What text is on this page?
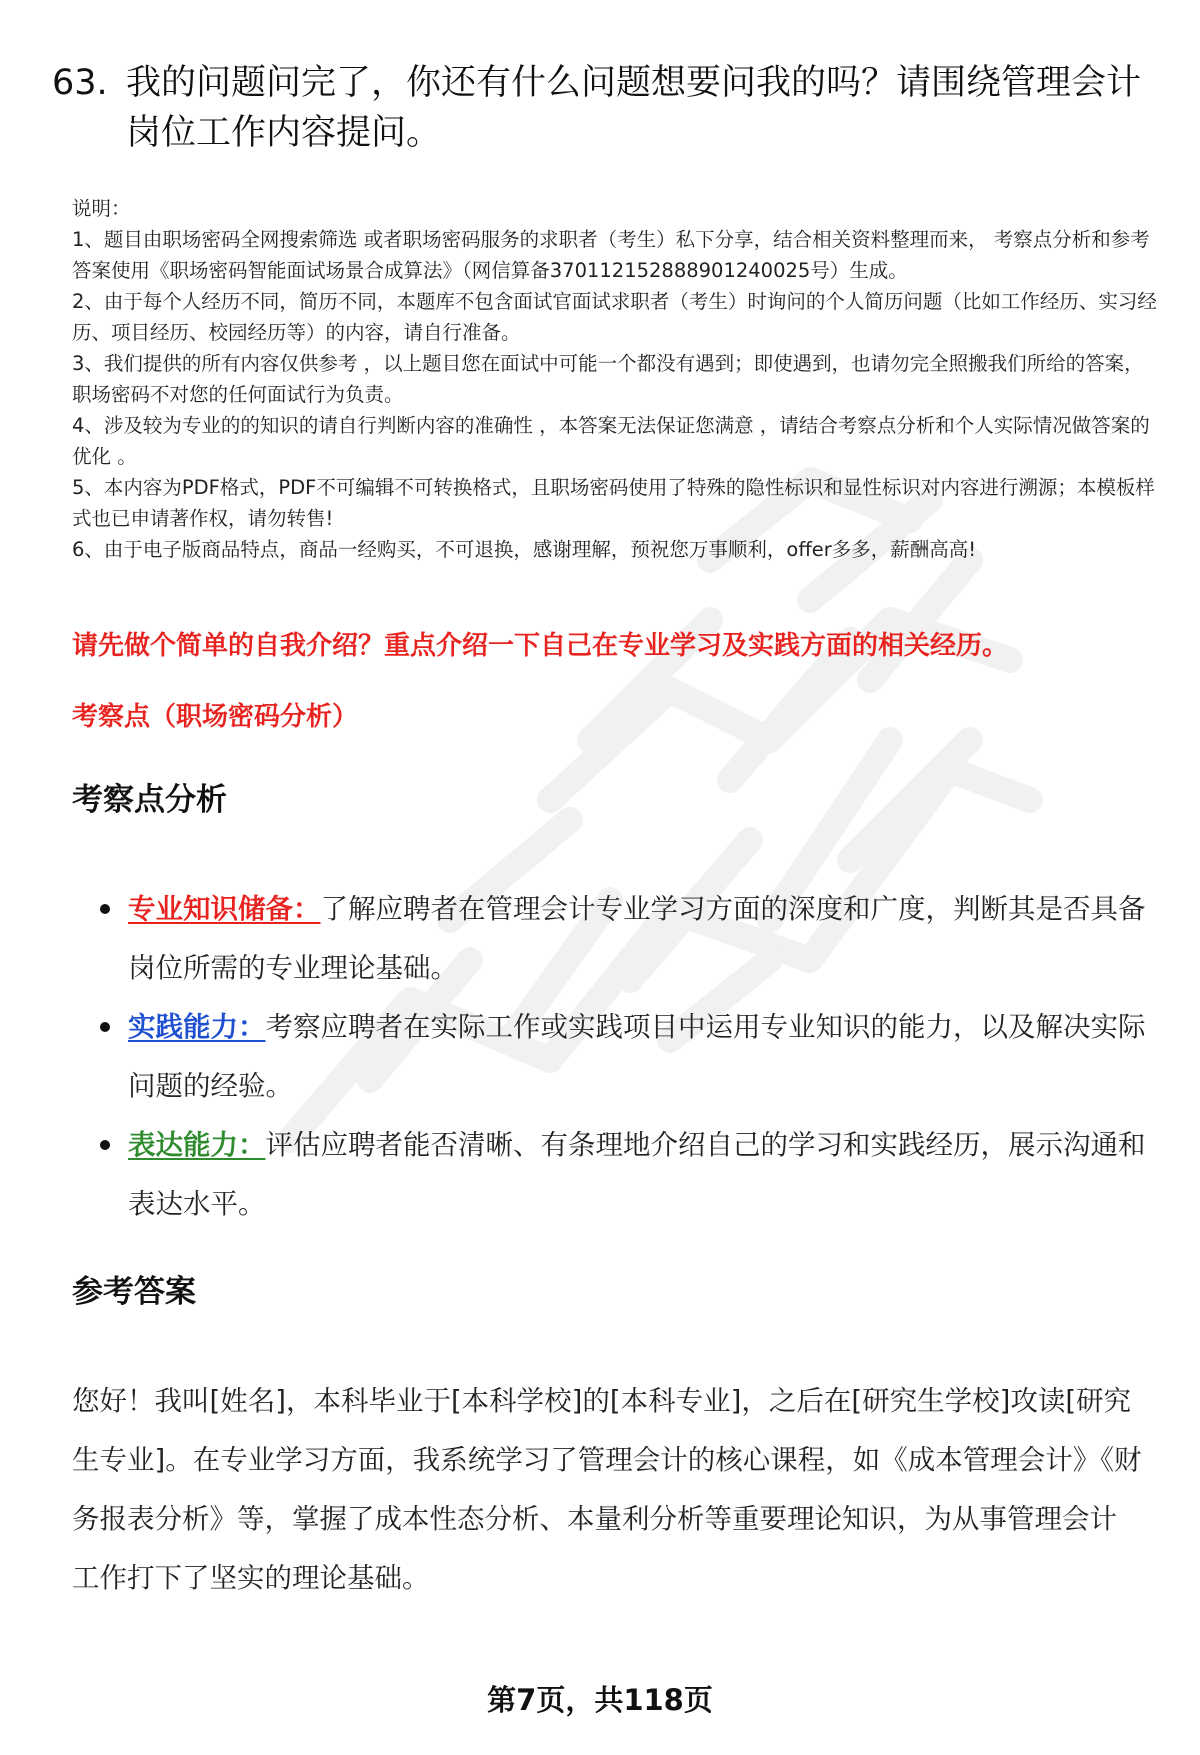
63. 我的问题问完了，你还有什么问题想要问我的吗？请围绕管理会计岗位工作内容提问。

说明：

1、题目由职场密码全网搜索筛选 或者职场密码服务的求职者（考生）私下分享，结合相关资料整理而来， 考察点分析和参考答案使用《职场密码智能面试场景合成算法》（网信算备370112152888901240025号）生成。

2、由于每个人经历不同，简历不同，本题库不包含面试官面试求职者（考生）时询问的个人简历问题（比如工作经历、实习经历、项目经历、校园经历等）的内容，请自行准备。

3、我们提供的所有内容仅供参考 ，以上题目您在面试中可能一个都没有遇到；即使遇到，也请勿完全照搬我们所给的答案，职场密码不对您的任何面试行为负责。

4、涉及较为专业的的知识的请自行判断内容的准确性 ，本答案无法保证您满意 ，请结合考察点分析和个人实际情况做答案的优化 。

5、本内容为PDF格式，PDF不可编辑不可转换格式，且职场密码使用了特殊的隐性标识和显性标识对内容进行溯源；本模板样式也已申请著作权，请勿转售!

6、由于电子版商品特点，商品一经购买，不可退换，感谢理解，预祝您万事顺利，offer多多，薪酬高高!

请先做个简单的自我介绍？重点介绍一下自己在专业学习及实践方面的相关经历。
考察点（职场密码分析）
考察点分析
专业知识储备：了解应聘者在管理会计专业学习方面的深度和广度，判断其是否具备岗位所需的专业理论基础。
实践能力：考察应聘者在实际工作或实践项目中运用专业知识的能力，以及解决实际问题的经验。
表达能力：评估应聘者能否清晰、有条理地介绍自己的学习和实践经历，展示沟通和表达水平。
参考答案
您好！我叫[姓名]，本科毕业于[本科学校]的[本科专业]，之后在[研究生学校]攻读[研究生专业]。在专业学习方面，我系统学习了管理会计的核心课程，如《成本管理会计》《财务报表分析》等，掌握了成本性态分析、本量利分析等重要理论知识，为从事管理会计工作打下了坚实的理论基础。
第7页，共118页
